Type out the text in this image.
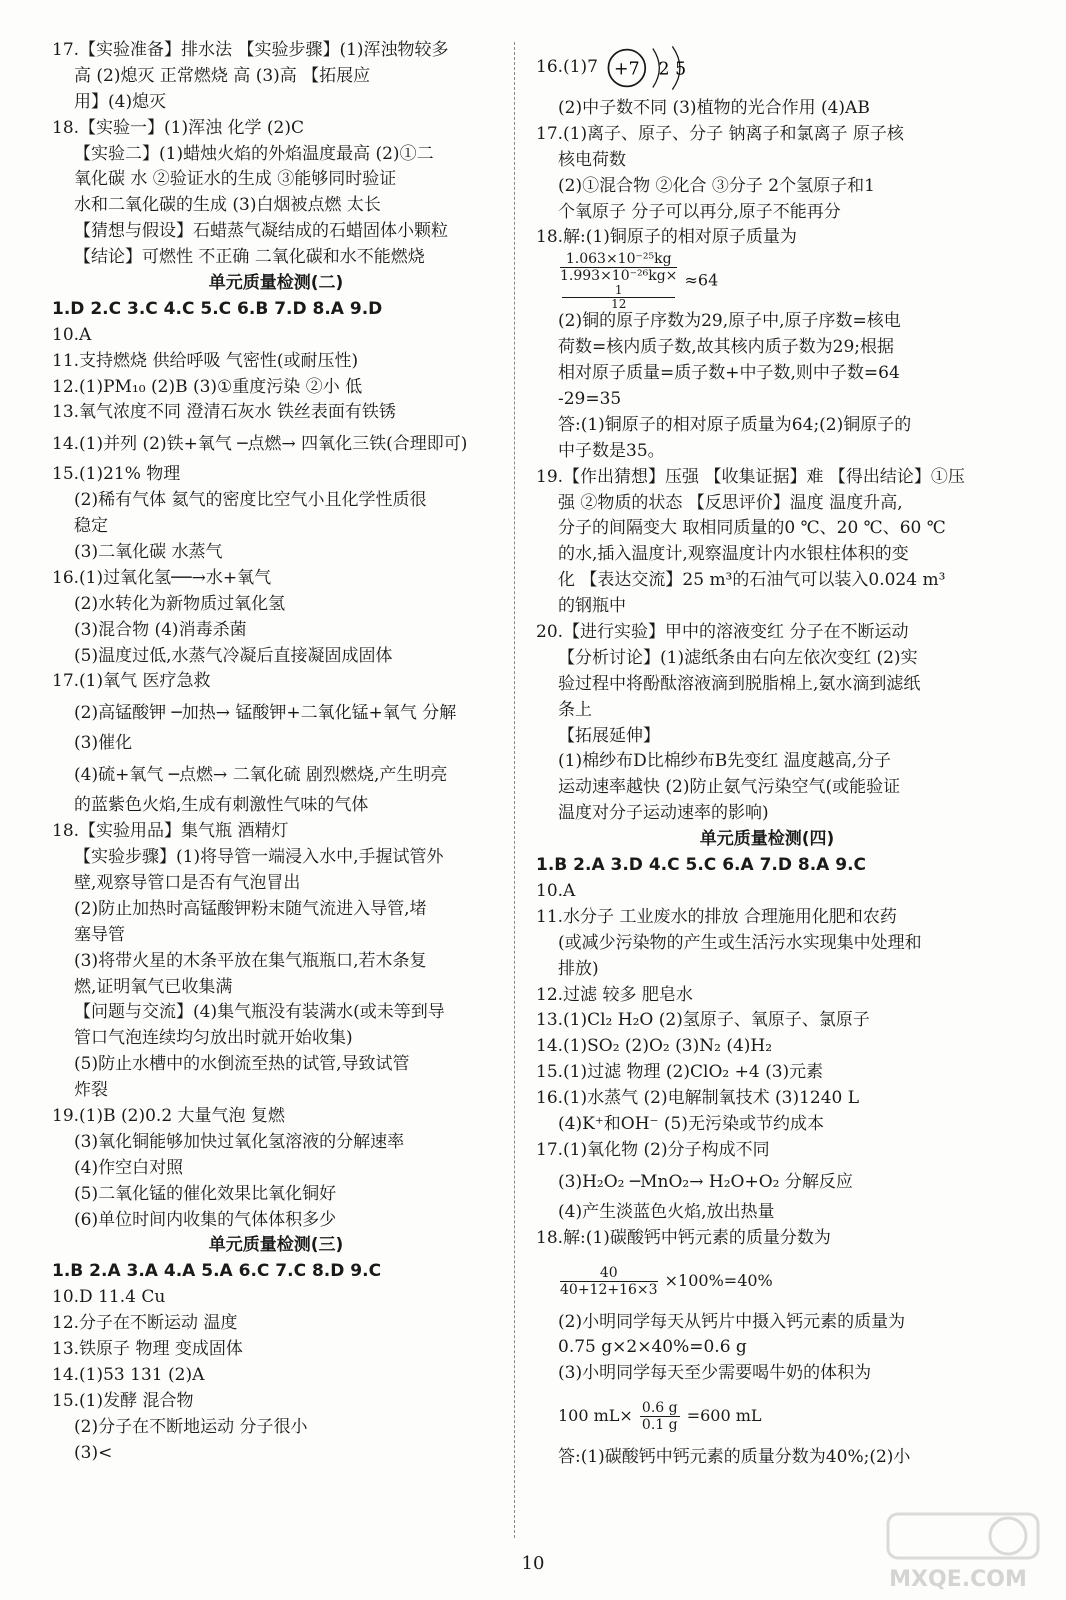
17.【实验准备】排水法 【实验步骤】(1)浑浊物较多
高 (2)熄灭 正常燃烧 高 (3)高 【拓展应
用】(4)熄灭
18.【实验一】(1)浑浊 化学 (2)C
【实验二】(1)蜡烛火焰的外焰温度最高 (2)①二
氧化碳 水 ②验证水的生成 ③能够同时验证
水和二氧化碳的生成 (3)白烟被点燃 太长
【猜想与假设】石蜡蒸气凝结成的石蜡固体小颗粒
【结论】可燃性 不正确 二氧化碳和水不能燃烧
单元质量检测(二)
1.D 2.C 3.C 4.C 5.C 6.B 7.D 8.A 9.D
10.A
11.支持燃烧 供给呼吸 气密性(或耐压性)
12.(1)PM₁₀ (2)B (3)①重度污染 ②小 低
13.氧气浓度不同 澄清石灰水 铁丝表面有铁锈
14.(1)并列 (2)铁+氧气 ─点燃→ 四氧化三铁(合理即可)
15.(1)21% 物理
(2)稀有气体 氦气的密度比空气小且化学性质很
稳定
(3)二氧化碳 水蒸气
16.(1)过氧化氢──→水+氧气
(2)水转化为新物质过氧化氢
(3)混合物 (4)消毒杀菌
(5)温度过低,水蒸气冷凝后直接凝固成固体
17.(1)氧气 医疗急救
(2)高锰酸钾 ─加热→ 锰酸钾+二氧化锰+氧气 分解
(3)催化
(4)硫+氧气 ─点燃→ 二氧化硫 剧烈燃烧,产生明亮
的蓝紫色火焰,生成有刺激性气味的气体
18.【实验用品】集气瓶 酒精灯
【实验步骤】(1)将导管一端浸入水中,手握试管外
壁,观察导管口是否有气泡冒出
(2)防止加热时高锰酸钾粉末随气流进入导管,堵
塞导管
(3)将带火星的木条平放在集气瓶瓶口,若木条复
燃,证明氧气已收集满
【问题与交流】(4)集气瓶没有装满水(或未等到导
管口气泡连续均匀放出时就开始收集)
(5)防止水槽中的水倒流至热的试管,导致试管
炸裂
19.(1)B (2)0.2 大量气泡 复燃
(3)氧化铜能够加快过氧化氢溶液的分解速率
(4)作空白对照
(5)二氧化锰的催化效果比氧化铜好
(6)单位时间内收集的气体体积多少
单元质量检测(三)
1.B 2.A 3.A 4.A 5.A 6.C 7.C 8.D 9.C
10.D 11.4 Cu
12.分子在不断运动 温度
13.铁原子 物理 变成固体
14.(1)53 131 (2)A
15.(1)发酵 混合物
(2)分子在不断地运动 分子很小
(3)<
16.(1)7 +7 2 5
(2)中子数不同 (3)植物的光合作用 (4)AB
17.(1)离子、原子、分子 钠离子和氯离子 原子核
核电荷数
(2)①混合物 ②化合 ③分子 2个氢原子和1
个氧原子 分子可以再分,原子不能再分
18.解:(1)铜原子的相对原子质量为
1.063×10⁻²⁵kg
1.993×10⁻²⁶kg×
1
12 ≈64
(2)铜的原子序数为29,原子中,原子序数=核电
荷数=核内质子数,故其核内质子数为29;根据
相对原子质量=质子数+中子数,则中子数=64
-29=35
答:(1)铜原子的相对原子质量为64;(2)铜原子的
中子数是35。
19.【作出猜想】压强 【收集证据】难 【得出结论】①压
强 ②物质的状态 【反思评价】温度 温度升高,
分子的间隔变大 取相同质量的0 ℃、20 ℃、60 ℃
的水,插入温度计,观察温度计内水银柱体积的变
化 【表达交流】25 m³的石油气可以装入0.024 m³
的钢瓶中
20.【进行实验】甲中的溶液变红 分子在不断运动
【分析讨论】(1)滤纸条由右向左依次变红 (2)实
验过程中将酚酞溶液滴到脱脂棉上,氨水滴到滤纸
条上
【拓展延伸】
(1)棉纱布D比棉纱布B先变红 温度越高,分子
运动速率越快 (2)防止氨气污染空气(或能验证
温度对分子运动速率的影响)
单元质量检测(四)
1.B 2.A 3.D 4.C 5.C 6.A 7.D 8.A 9.C
10.A
11.水分子 工业废水的排放 合理施用化肥和农药
(或减少污染物的产生或生活污水实现集中处理和
排放)
12.过滤 较多 肥皂水
13.(1)Cl₂ H₂O (2)氢原子、氧原子、氯原子
14.(1)SO₂ (2)O₂ (3)N₂ (4)H₂
15.(1)过滤 物理 (2)ClO₂ +4 (3)元素
16.(1)水蒸气 (2)电解制氧技术 (3)1240 L
(4)K⁺和OH⁻ (5)无污染或节约成本
17.(1)氧化物 (2)分子构成不同
(3)H₂O₂ ─MnO₂→ H₂O+O₂ 分解反应
(4)产生淡蓝色火焰,放出热量
18.解:(1)碳酸钙中钙元素的质量分数为
$\frac{40}{40+12+16\times 3} \times 100\%=40\%$
(2)小明同学每天从钙片中摄入钙元素的质量为
0.75 g×2×40%=0.6 g
(3)小明同学每天至少需要喝牛奶的体积为
100 $mL\times \frac{0.6 g}{0.1 g} =600$ mL
答:(1)碳酸钙中钙元素的质量分数为40%;(2)小
10
MXQE.COM
